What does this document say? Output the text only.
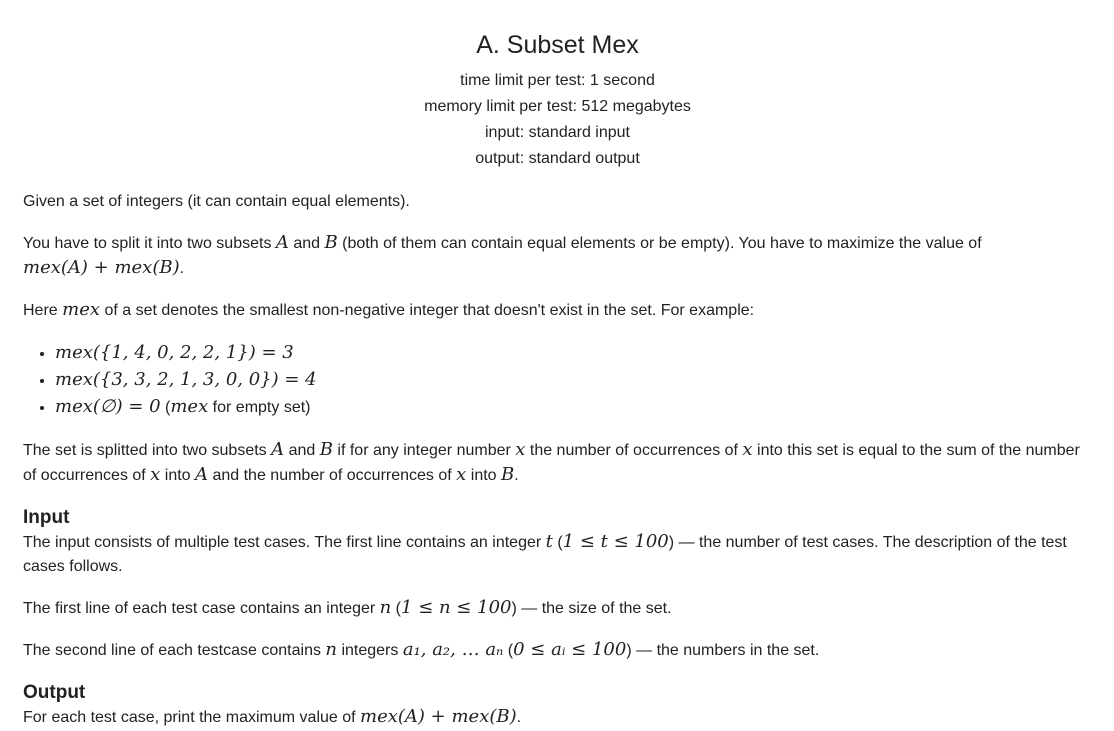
A. Subset Mex
time limit per test: 1 second
memory limit per test: 512 megabytes
input: standard input
output: standard output

Given a set of integers (it can contain equal elements).

You have to split it into two subsets A and B (both of them can contain equal elements or be empty). You have to maximize the value of
mex(A) + mex(B).

Here mex of a set denotes the smallest non-negative integer that doesn't exist in the set. For example:

• mex({1, 4, 0, 2, 2, 1}) = 3
• mex({3, 3, 2, 1, 3, 0, 0}) = 4
• mex(∅) = 0 (mex for empty set)

The set is splitted into two subsets A and B if for any integer number x the number of occurrences of x into this set is equal to the sum of the number of occurrences of x into A and the number of occurrences of x into B.

Input

The input consists of multiple test cases. The first line contains an integer t (1 ≤ t ≤ 100) — the number of test cases. The description of the test cases follows.

The first line of each test case contains an integer n (1 ≤ n ≤ 100) — the size of the set.

The second line of each testcase contains n integers a₁, a₂, … aₙ (0 ≤ aᵢ ≤ 100) — the numbers in the set.

Output

For each test case, print the maximum value of mex(A) + mex(B).
